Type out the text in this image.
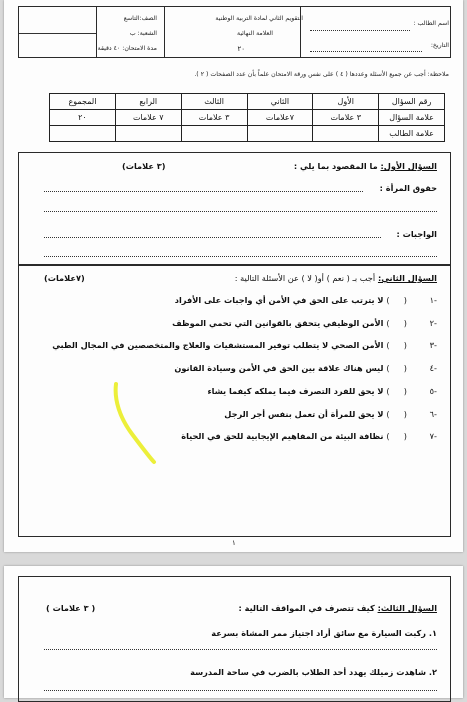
اسم الطالب :
التاريخ:
التقويم الثاني لمادة التربية الوطنية
العلامة النهائية
٢٠
الصف:التاسع
الشعبة: ب
مدة الامتحان: ٤٠ دقيقة
ملاحظة: أجب عن جميع الأسئلة وعددها ( ٤ ) على نفس ورقة الامتحان علماً بأن عدد الصفحات ( ٢ ).
رقم السؤال	الأول	الثاني	الثالث	الرابع	المجموع
علامة السؤال	٣ علامات	٧علامات	٣ علامات	٧ علامات	٢٠
علامة الطالب					
السؤال الأول: ما المقصود بما يلي :
(٣ علامات)
حقوق المرأة :
الواجبات :
السؤال الثاني: أجب بـ ( نعم ) أو( لا ) عن الأسئلة التالية :
(٧علامات)
-١
(     ) لا يترتب على الحق في الأمن أي واجبات على الأفراد
-٢
(     ) الأمن الوظيفي يتحقق بالقوانين التي تحمي الموظف
-٣
(     ) الأمن الصحي لا يتطلب توفير المستشفيات والعلاج والمتخصصين في المجال الطبي
-٤
(     ) ليس هناك علاقة بين الحق في الأمن وسيادة القانون
-٥
(     ) لا يحق للفرد التصرف فيما يملكه كيفما يشاء
-٦
(     ) لا يحق للمرأة أن تعمل بنفس أجر الرجل
-٧
(     ) نظافة البيئة من المفاهيم الإيجابية للحق في الحياة
١
السؤال الثالث: كيف تتصرف في المواقف التالية :
( ٣ علامات )
١. ركبت السيارة مع سائق أراد اجتياز ممر المشاة بسرعة
٢. شاهدت زميلك يهدد أحد الطلاب بالضرب في ساحة المدرسة
